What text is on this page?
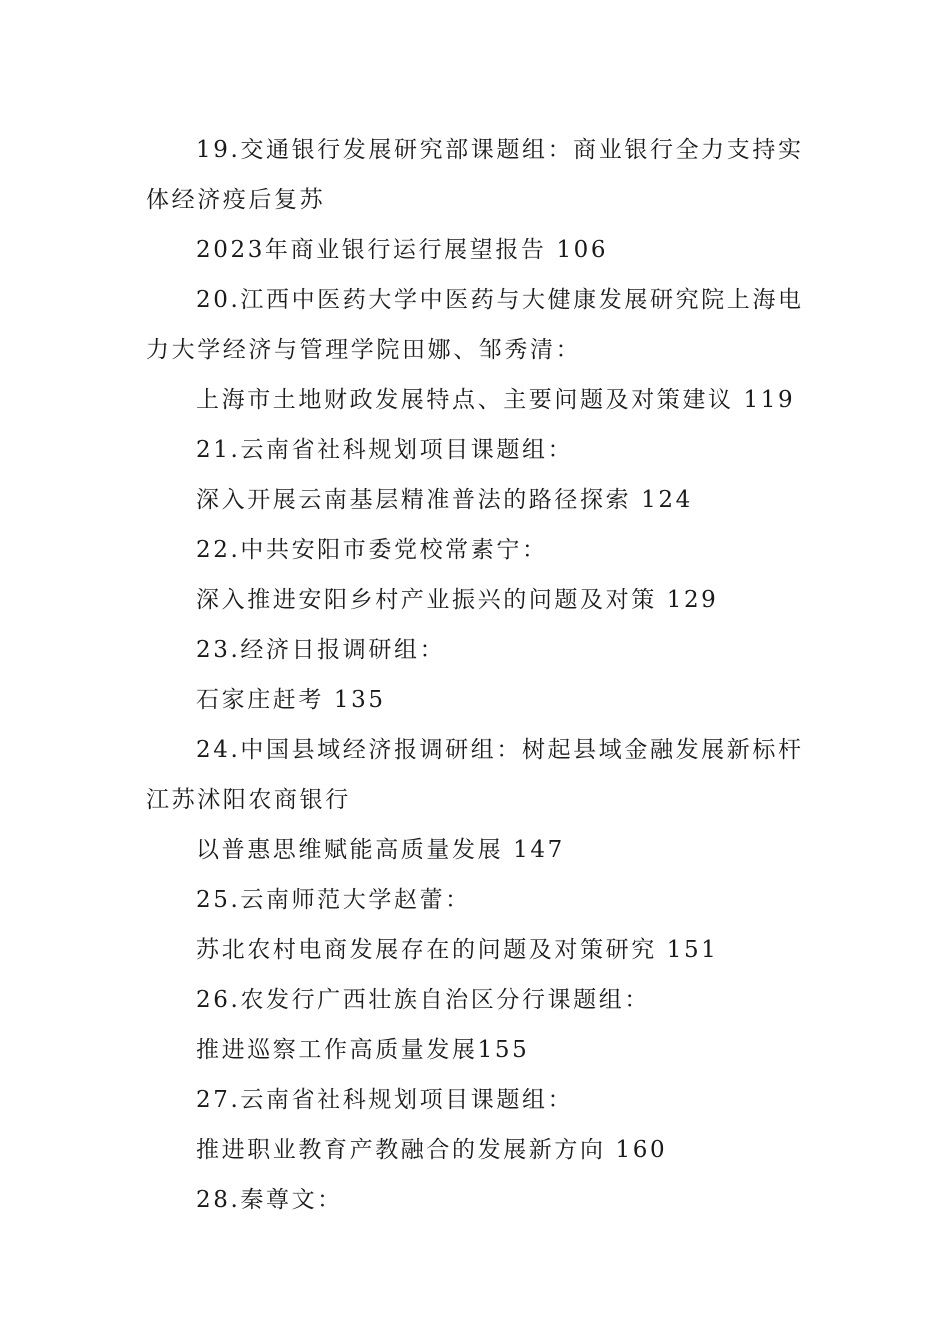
19.交通银行发展研究部课题组：商业银行全力支持实
体经济疫后复苏
2023年商业银行运行展望报告 106
20.江西中医药大学中医药与大健康发展研究院上海电
力大学经济与管理学院田娜、邹秀清：
上海市土地财政发展特点、主要问题及对策建议 119
21.云南省社科规划项目课题组：
深入开展云南基层精准普法的路径探索 124
22.中共安阳市委党校常素宁：
深入推进安阳乡村产业振兴的问题及对策 129
23.经济日报调研组：
石家庄赶考 135
24.中国县域经济报调研组：树起县域金融发展新标杆
江苏沭阳农商银行
以普惠思维赋能高质量发展 147
25.云南师范大学赵蕾：
苏北农村电商发展存在的问题及对策研究 151
26.农发行广西壮族自治区分行课题组：
推进巡察工作高质量发展155
27.云南省社科规划项目课题组：
推进职业教育产教融合的发展新方向 160
28.秦尊文：
